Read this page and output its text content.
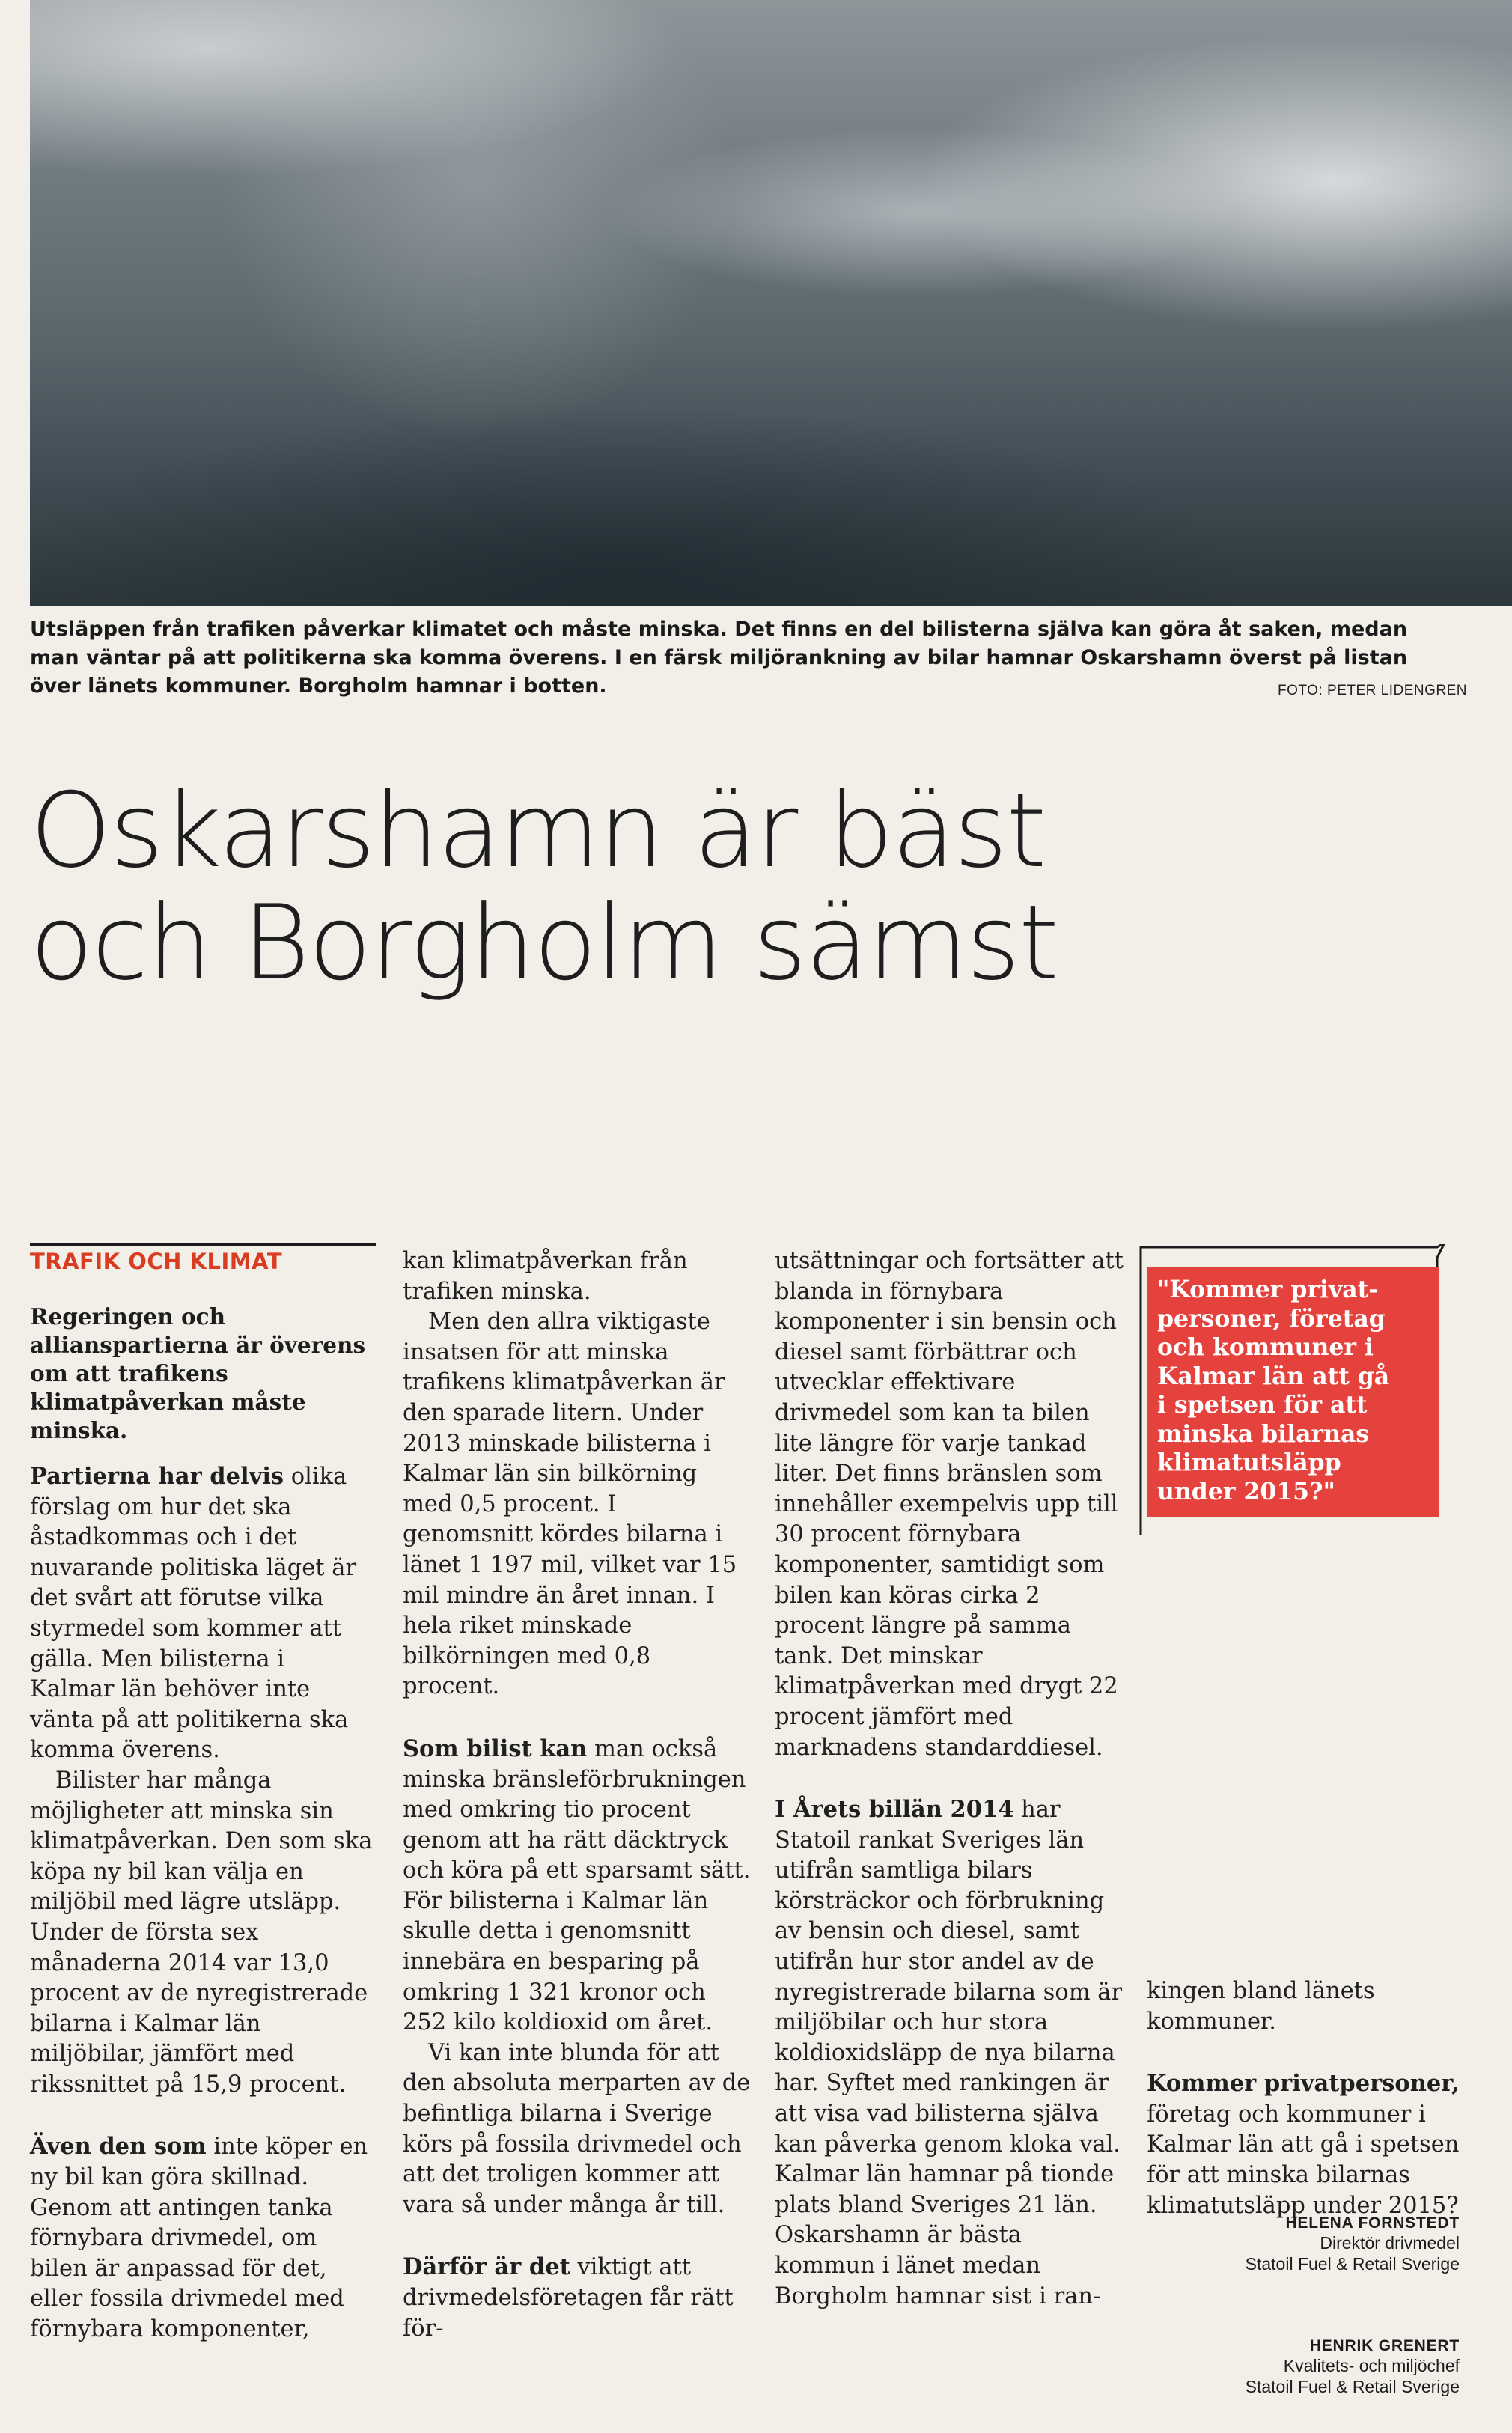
Utsläppen från trafiken påverkar klimatet och måste minska. Det finns en del bilisterna själva kan göra åt saken, medan man väntar på att politikerna ska komma överens. I en färsk miljörankning av bilar hamnar Oskarshamn överst på listan över länets kommuner. Borgholm hamnar i botten.	FOTO: PETER LIDENGREN
Oskarshamn är bäst
och Borgholm sämst
TRAFIK OCH KLIMAT
Regeringen och allianspartierna är överens om att trafikens klimatpåverkan måste minska.

Partierna har delvis olika förslag om hur det ska åstadkommas och i det nuvarande politiska läget är det svårt att förutse vilka styrmedel som kommer att gälla. Men bilisterna i Kalmar län behöver inte vänta på att politikerna ska komma överens.

Bilister har många möjligheter att minska sin klimatpåverkan. Den som ska köpa ny bil kan välja en miljöbil med lägre utsläpp. Under de första sex månaderna 2014 var 13,0 procent av de nyregistrerade bilarna i Kalmar län miljöbilar, jämfört med rikssnittet på 15,9 procent.

Även den som inte köper en ny bil kan göra skillnad. Genom att antingen tanka förnybara drivmedel, om bilen är anpassad för det, eller fossila drivmedel med förnybara komponenter,

kan klimatpåverkan från trafiken minska.

Men den allra viktigaste insatsen för att minska trafikens klimatpåverkan är den sparade litern. Under 2013 minskade bilisterna i Kalmar län sin bilkörning med 0,5 procent. I genomsnitt kördes bilarna i länet 1 197 mil, vilket var 15 mil mindre än året innan. I hela riket minskade bilkörningen med 0,8 procent.

Som bilist kan man också minska bränsleförbrukningen med omkring tio procent genom att ha rätt däcktryck och köra på ett sparsamt sätt. För bilisterna i Kalmar län skulle detta i genomsnitt innebära en besparing på omkring 1 321 kronor och 252 kilo koldioxid om året.

Vi kan inte blunda för att den absoluta merparten av de befintliga bilarna i Sverige körs på fossila drivmedel och att det troligen kommer att vara så under många år till.

Därför är det viktigt att drivmedelsföretagen får rätt för-

utsättningar och fortsätter att blanda in förnybara komponenter i sin bensin och diesel samt förbättrar och utvecklar effektivare drivmedel som kan ta bilen lite längre för varje tankad liter. Det finns bränslen som innehåller exempelvis upp till 30 procent förnybara komponenter, samtidigt som bilen kan köras cirka 2 procent längre på samma tank. Det minskar klimatpåverkan med drygt 22 procent jämfört med marknadens standarddiesel.

I Årets billän 2014 har Statoil rankat Sveriges län utifrån samtliga bilars körsträckor och förbrukning av bensin och diesel, samt utifrån hur stor andel av de nyregistrerade bilarna som är miljöbilar och hur stora koldioxidsläpp de nya bilarna har. Syftet med rankingen är att visa vad bilisterna själva kan påverka genom kloka val. Kalmar län hamnar på tionde plats bland Sveriges 21 län. Oskarshamn är bästa kommun i länet medan Borgholm hamnar sist i ran-

"Kommer privat-
personer, företag
och kommuner i
Kalmar län att gå
i spetsen för att
minska bilarnas
klimatutsläpp
under 2015?"

kingen bland länets kommuner.

Kommer privatpersoner, företag och kommuner i Kalmar län att gå i spetsen för att minska bilarnas klimatutsläpp under 2015?

HELENA FORNSTEDT
Direktör drivmedel
Statoil Fuel & Retail Sverige
HENRIK GRENERT
Kvalitets- och miljöchef
Statoil Fuel & Retail Sverige
